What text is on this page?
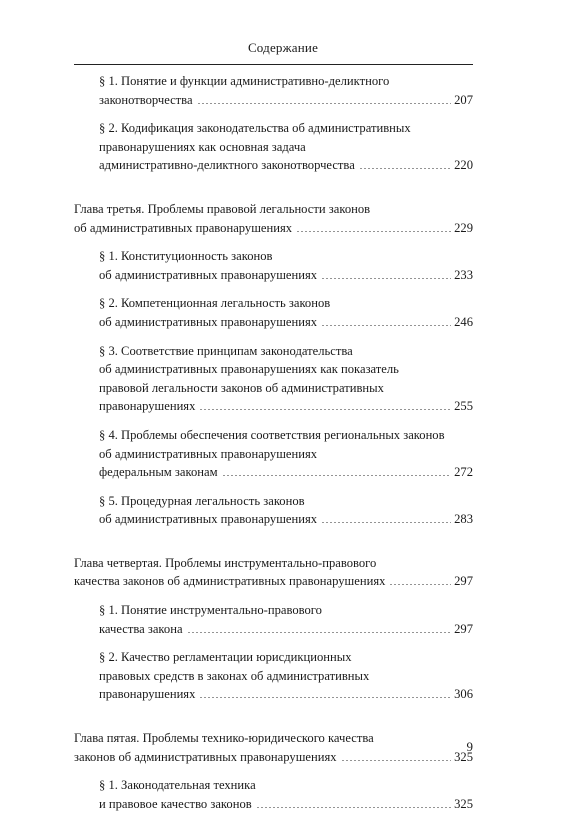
Содержание
§ 1. Понятие и функции административно-деликтного
законотворчества	207
§ 2. Кодификация законодательства об административных
правонарушениях как основная задача
административно-деликтного законотворчества	220
Глава третья. Проблемы правовой легальности законов
об административных правонарушениях	229
§ 1. Конституционность законов
об административных правонарушениях	233
§ 2. Компетенционная легальность законов
об административных правонарушениях	246
§ 3. Соответствие принципам законодательства
об административных правонарушениях как показатель
правовой легальности законов об административных
правонарушениях	255
§ 4. Проблемы обеспечения соответствия региональных законов
об административных правонарушениях
федеральным законам	272
§ 5. Процедурная легальность законов
об административных правонарушениях	283
Глава четвертая. Проблемы инструментально-правового
качества законов об административных правонарушениях	297
§ 1. Понятие инструментально-правового
качества закона	297
§ 2. Качество регламентации юрисдикционных
правовых средств в законах об административных
правонарушениях	306
Глава пятая. Проблемы технико-юридического качества
законов об административных правонарушениях	325
§ 1. Законодательная техника
и правовое качество законов	325
9
